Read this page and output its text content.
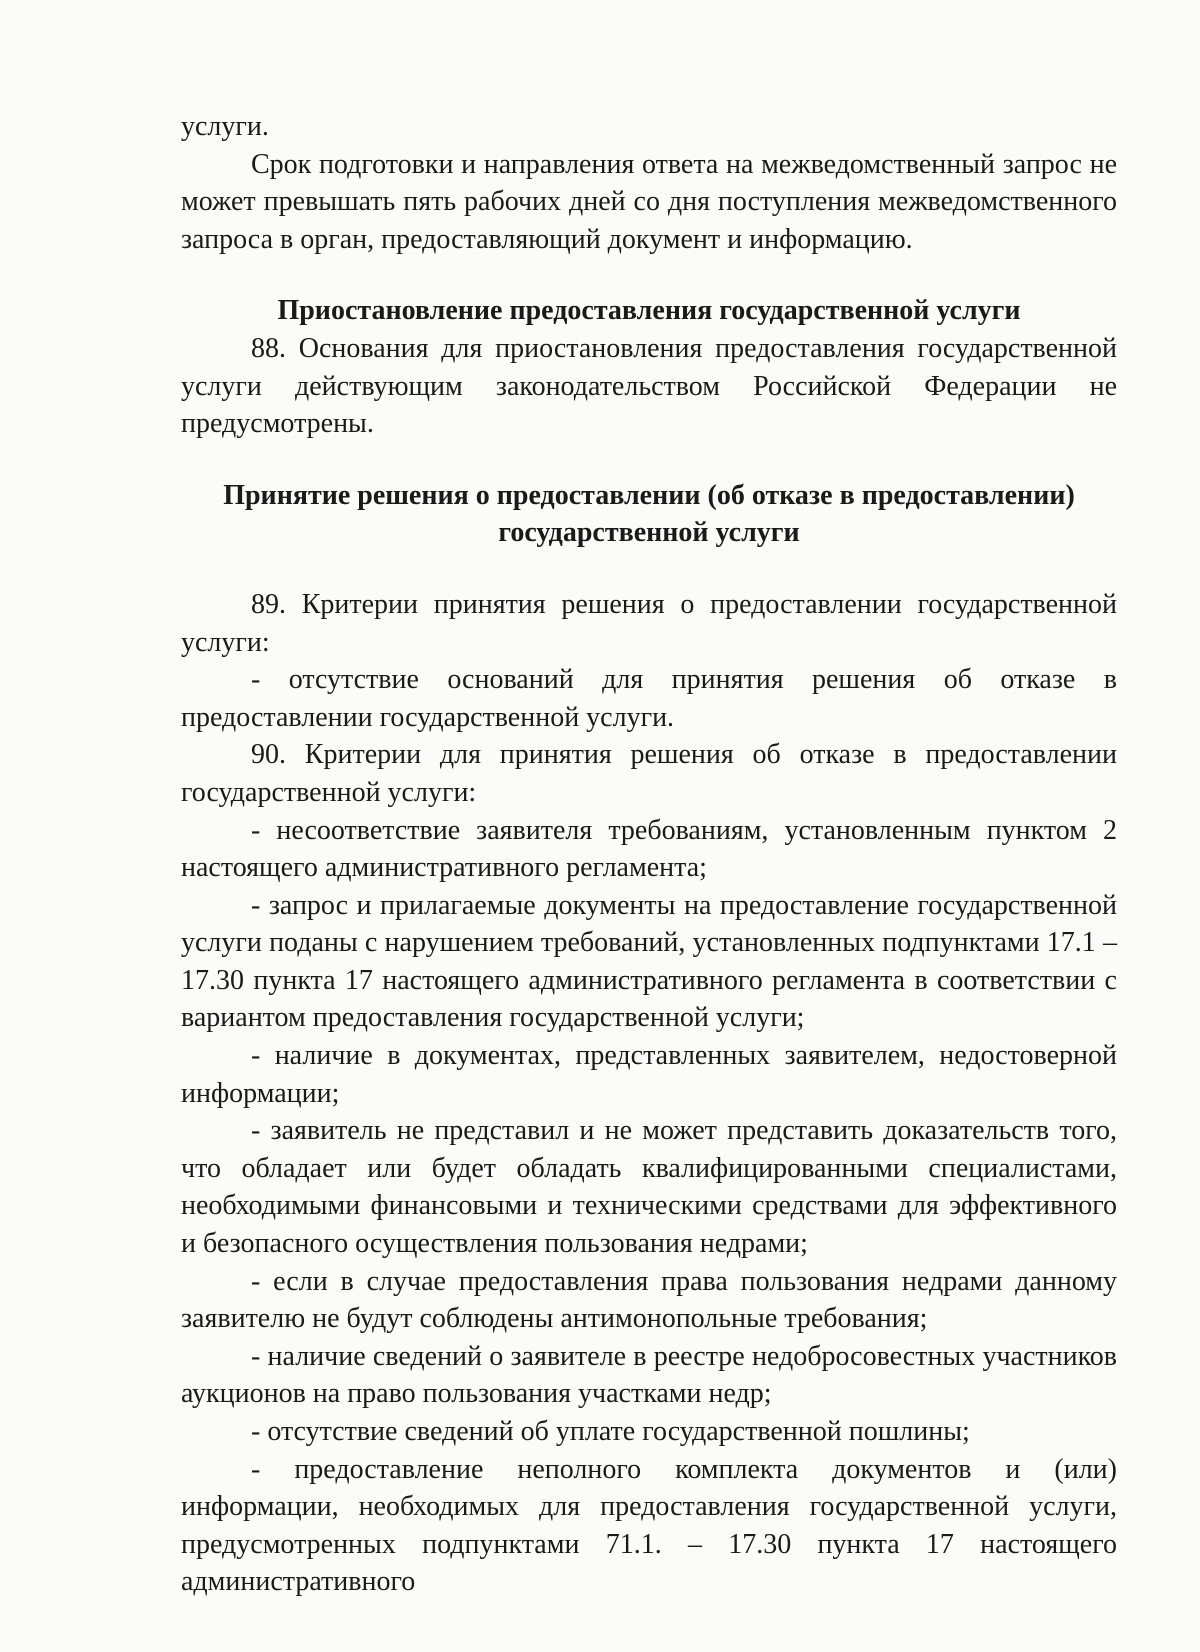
услуги.

Срок подготовки и направления ответа на межведомственный запрос не может превышать пять рабочих дней со дня поступления межведомственного запроса в орган, предоставляющий документ и информацию.

Приостановление предоставления государственной услуги

88. Основания для приостановления предоставления государственной услуги действующим законодательством Российской Федерации не предусмотрены.

Принятие решения о предоставлении (об отказе в предоставлении)

государственной услуги

89. Критерии принятия решения о предоставлении государственной услуги:

- отсутствие оснований для принятия решения об отказе в предоставлении государственной услуги.

90. Критерии для принятия решения об отказе в предоставлении государственной услуги:

- несоответствие заявителя требованиям, установленным пунктом 2 настоящего административного регламента;

- запрос и прилагаемые документы на предоставление государственной услуги поданы с нарушением требований, установленных подпунктами 17.1 – 17.30 пункта 17 настоящего административного регламента в соответствии с вариантом предоставления государственной услуги;

- наличие в документах, представленных заявителем, недостоверной информации;

- заявитель не представил и не может представить доказательств того, что обладает или будет обладать квалифицированными специалистами, необходимыми финансовыми и техническими средствами для эффективного и безопасного осуществления пользования недрами;

- если в случае предоставления права пользования недрами данному заявителю не будут соблюдены антимонопольные требования;

- наличие сведений о заявителе в реестре недобросовестных участников аукционов на право пользования участками недр;

- отсутствие сведений об уплате государственной пошлины;

- предоставление неполного комплекта документов и (или) информации, необходимых для предоставления государственной услуги, предусмотренных подпунктами 71.1. – 17.30 пункта 17 настоящего административного
